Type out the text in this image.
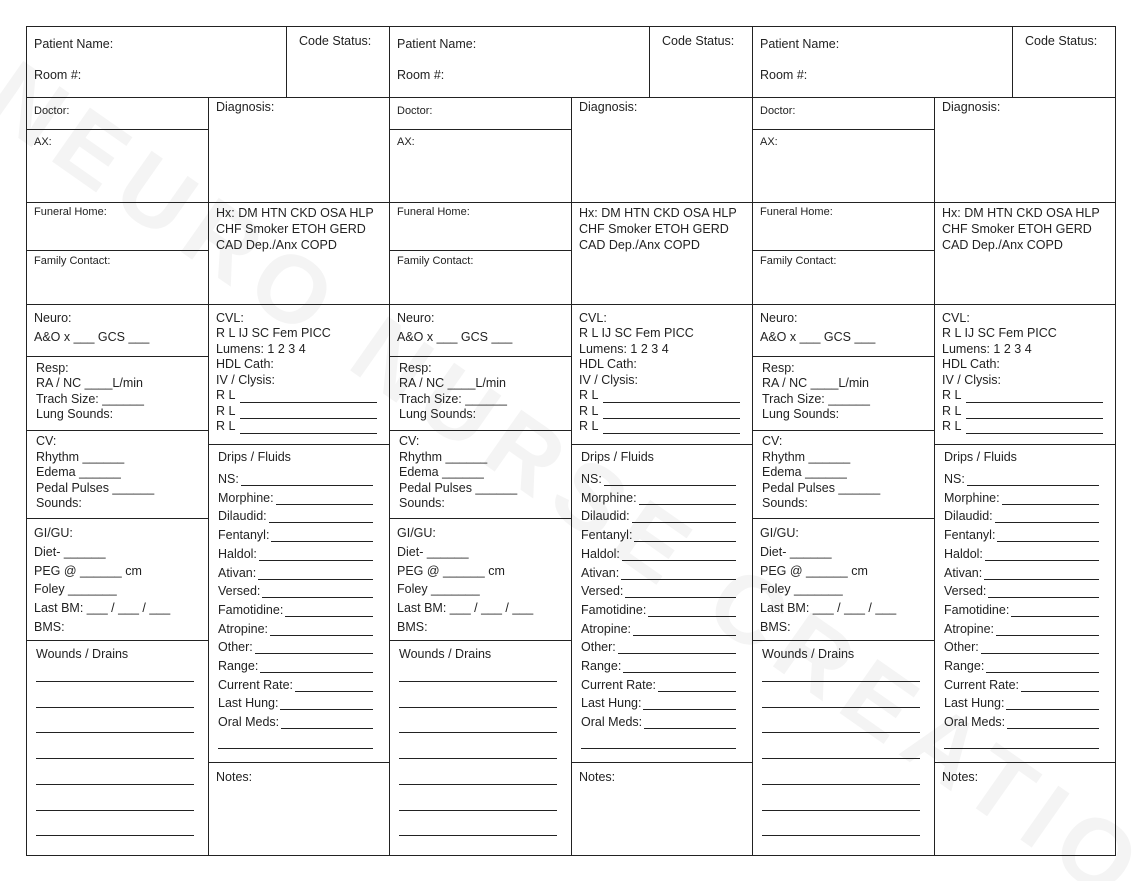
Patient Name:
Room #:
Code Status:
Doctor:
AX:
Diagnosis:
Funeral Home:
Family Contact:
Hx: DM HTN CKD OSA HLP
CHF Smoker ETOH GERD
CAD Dep./Anx COPD
Neuro:
A&O x ___ GCS ___
Resp:
RA / NC ____L/min
Trach Size: ______
Lung Sounds:
CV:
Rhythm ______
Edema ______
Pedal Pulses ______
Sounds:
GI/GU:
Diet- ______
PEG @ ______ cm
Foley _______
Last BM: ___ / ___ / ___
BMS:
Wounds / Drains
CVL:
R L IJ SC Fem PICC
Lumens: 1 2 3 4
HDL Cath:
IV / Clysis:
R L
R L
R L
Drips / Fluids
NS:
Morphine:
Dilaudid:
Fentanyl:
Haldol:
Ativan:
Versed:
Famotidine:
Atropine:
Other:
Range:
Current Rate:
Last Hung:
Oral Meds:
Notes:
Patient Name:
Room #:
Code Status:
Doctor:
AX:
Diagnosis:
Funeral Home:
Family Contact:
Hx: DM HTN CKD OSA HLP
CHF Smoker ETOH GERD
CAD Dep./Anx COPD
Neuro:
A&O x ___ GCS ___
Resp:
RA / NC ____L/min
Trach Size: ______
Lung Sounds:
CV:
Rhythm ______
Edema ______
Pedal Pulses ______
Sounds:
GI/GU:
Diet- ______
PEG @ ______ cm
Foley _______
Last BM: ___ / ___ / ___
BMS:
Wounds / Drains
CVL:
R L IJ SC Fem PICC
Lumens: 1 2 3 4
HDL Cath:
IV / Clysis:
R L
R L
R L
Drips / Fluids
NS:
Morphine:
Dilaudid:
Fentanyl:
Haldol:
Ativan:
Versed:
Famotidine:
Atropine:
Other:
Range:
Current Rate:
Last Hung:
Oral Meds:
Notes:
Patient Name:
Room #:
Code Status:
Doctor:
AX:
Diagnosis:
Funeral Home:
Family Contact:
Hx: DM HTN CKD OSA HLP
CHF Smoker ETOH GERD
CAD Dep./Anx COPD
Neuro:
A&O x ___ GCS ___
Resp:
RA / NC ____L/min
Trach Size: ______
Lung Sounds:
CV:
Rhythm ______
Edema ______
Pedal Pulses ______
Sounds:
GI/GU:
Diet- ______
PEG @ ______ cm
Foley _______
Last BM: ___ / ___ / ___
BMS:
Wounds / Drains
CVL:
R L IJ SC Fem PICC
Lumens: 1 2 3 4
HDL Cath:
IV / Clysis:
R L
R L
R L
Drips / Fluids
NS:
Morphine:
Dilaudid:
Fentanyl:
Haldol:
Ativan:
Versed:
Famotidine:
Atropine:
Other:
Range:
Current Rate:
Last Hung:
Oral Meds:
Notes:
